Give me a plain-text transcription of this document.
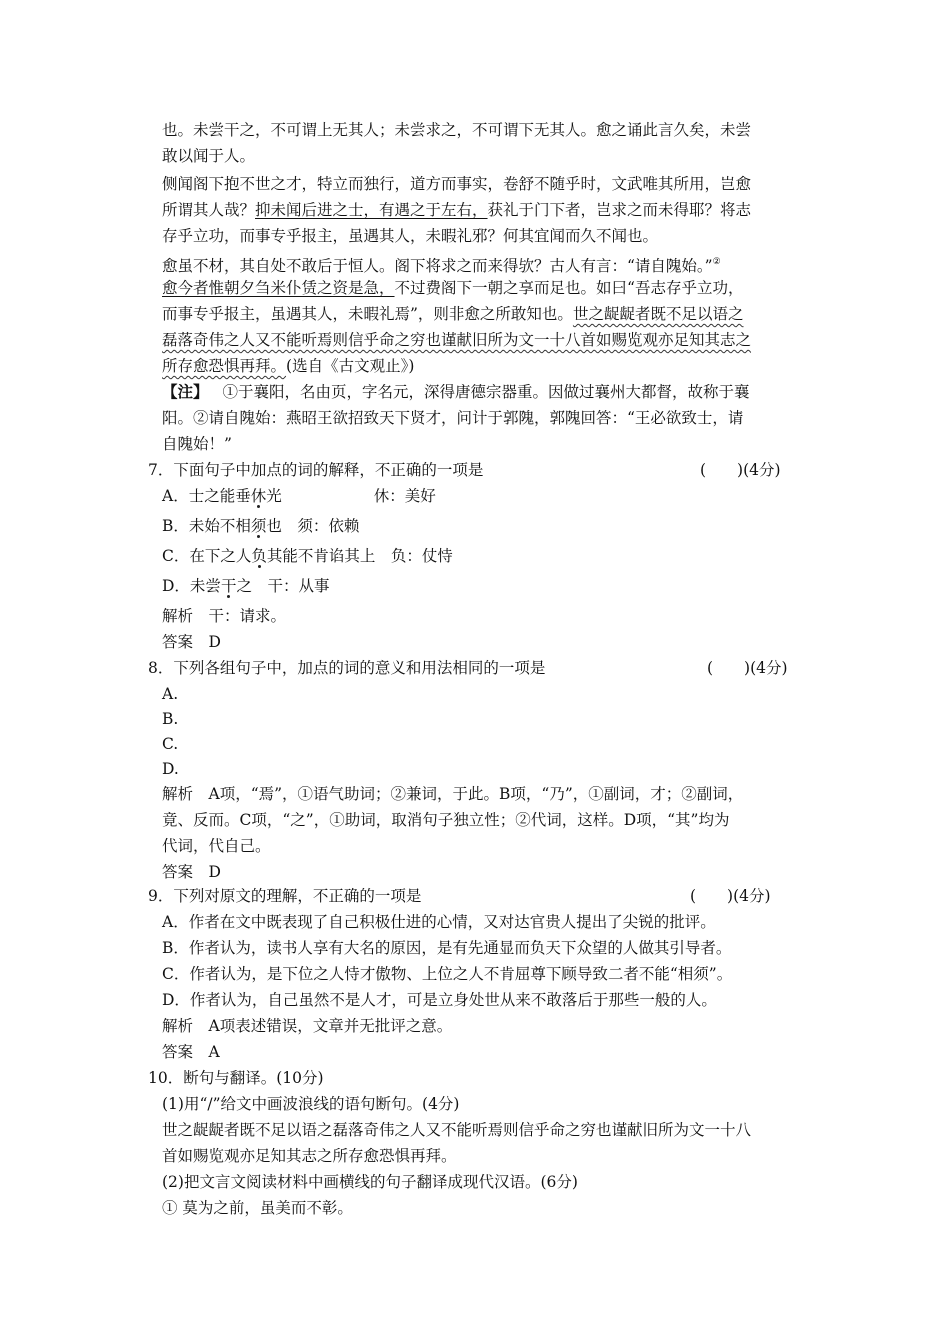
也。未尝干之，不可谓上无其人；未尝求之，不可谓下无其人。愈之诵此言久矣，未尝
敢以闻于人。
侧闻阁下抱不世之才，特立而独行，道方而事实，卷舒不随乎时，文武唯其所用，岂愈
所谓其人哉？抑未闻后进之士，有遇之于左右，获礼于门下者，岂求之而未得耶？将志
存乎立功，而事专乎报主，虽遇其人，未暇礼邪？何其宜闻而久不闻也。
愈虽不材，其自处不敢后于恒人。阁下将求之而来得欤？古人有言：“请自隗始。”②
愈今者惟朝夕刍米仆赁之资是急，不过费阁下一朝之享而足也。如曰“吾志存乎立功，
而事专乎报主，虽遇其人，未暇礼焉”，则非愈之所敢知也。世之龊龊者既不足以语之
磊落奇伟之人又不能听焉则信乎命之穷也谨献旧所为文一十八首如赐览观亦足知其志之
所存愈恐惧再拜。(选自《古文观止》)
【注】 ①于襄阳，名由页，字名元，深得唐德宗器重。因做过襄州大都督，故称于襄
阳。②请自隗始：燕昭王欲招致天下贤才，问计于郭隗，郭隗回答：“王必欲致士，请
自隗始！”
7．下面句子中加点的词的解释，不正确的一项是	(　　)(4分)
A．士之能垂休光	休：美好
B．未始不相须也　须：依赖
C．在下之人负其能不肯谄其上　负：仗恃
D．未尝干之　干：从事
解析　干：请求。
答案　D
8．下列各组句子中，加点的词的意义和用法相同的一项是	(　　)(4分)
A.
B.
C.
D.
解析　A项，“焉”，①语气助词；②兼词，于此。B项，“乃”，①副词，才；②副词，
竟、反而。C项，“之”，①助词，取消句子独立性；②代词，这样。D项，“其”均为
代词，代自己。
答案　D
9．下列对原文的理解，不正确的一项是	(　　)(4分)
A．作者在文中既表现了自己积极仕进的心情，又对达官贵人提出了尖锐的批评。
B．作者认为，读书人享有大名的原因，是有先通显而负天下众望的人做其引导者。
C．作者认为，是下位之人恃才傲物、上位之人不肯屈尊下顾导致二者不能“相须”。
D．作者认为，自己虽然不是人才，可是立身处世从来不敢落后于那些一般的人。
解析　A项表述错误，文章并无批评之意。
答案　A
10．断句与翻译。(10分)
(1)用“/”给文中画波浪线的语句断句。(4分)
世之龊龊者既不足以语之磊落奇伟之人又不能听焉则信乎命之穷也谨献旧所为文一十八
首如赐览观亦足知其志之所存愈恐惧再拜。
(2)把文言文阅读材料中画横线的句子翻译成现代汉语。(6分)
① 莫为之前，虽美而不彰。
